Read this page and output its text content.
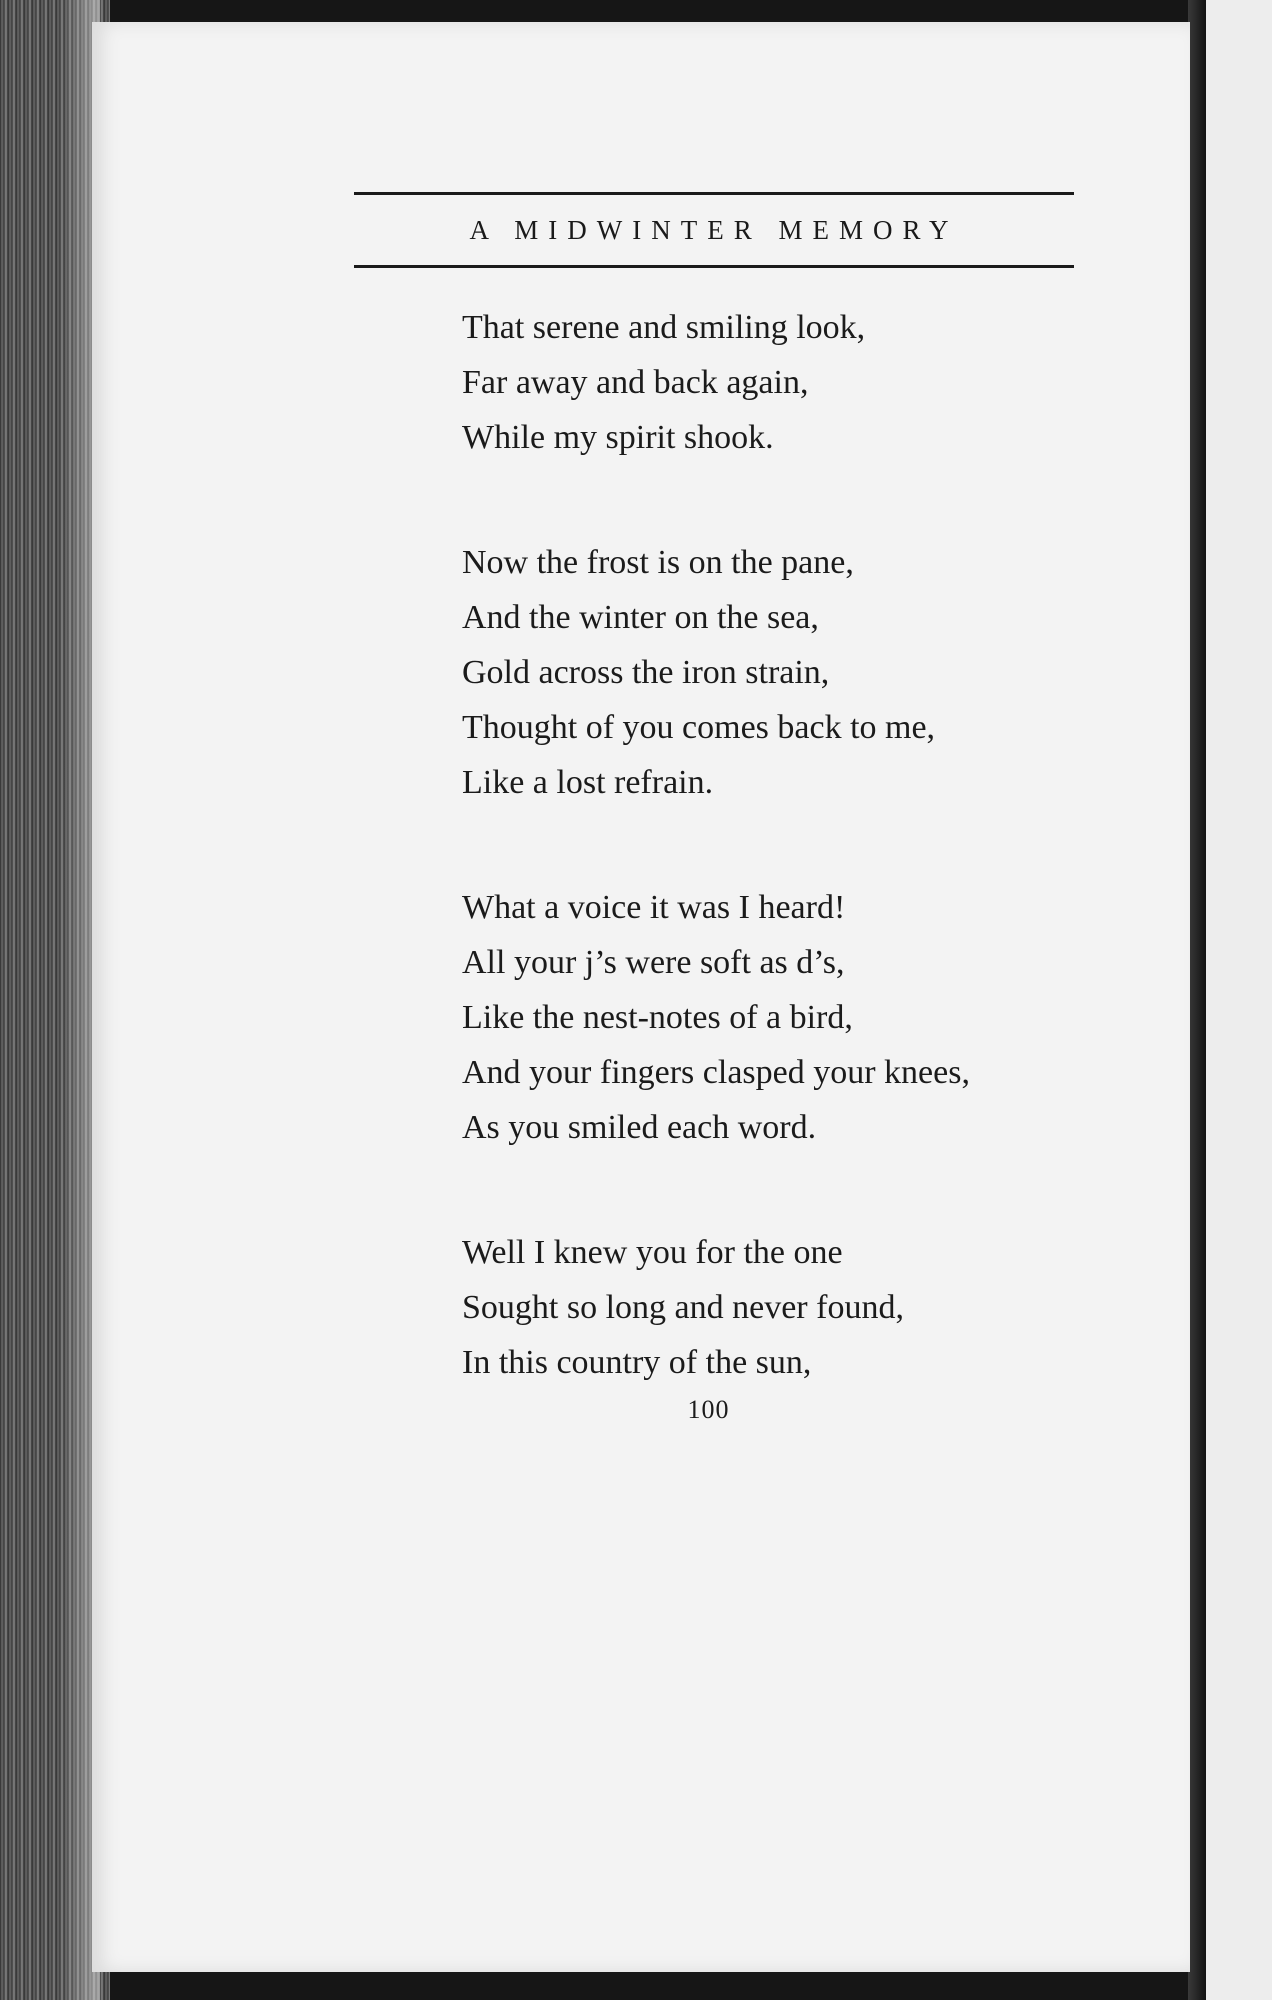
A MIDWINTER MEMORY
That serene and smiling look,
Far away and back again,
While my spirit shook.
Now the frost is on the pane,
And the winter on the sea,
Gold across the iron strain,
Thought of you comes back to me,
Like a lost refrain.
What a voice it was I heard!
All your j’s were soft as d’s,
Like the nest-notes of a bird,
And your fingers clasped your knees,
As you smiled each word.
Well I knew you for the one
Sought so long and never found,
In this country of the sun,
100
